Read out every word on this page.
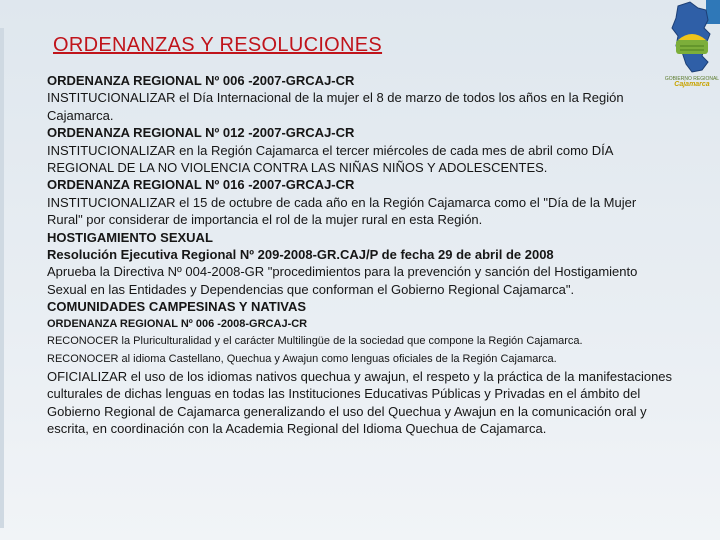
ORDENANZAS Y RESOLUCIONES
GOBIERNO REGIONAL
Cajamarca

ORDENANZA REGIONAL Nº 006 -2007-GRCAJ-CR

INSTITUCIONALIZAR el Día Internacional de la mujer el 8 de marzo de todos los años en la Región Cajamarca.

ORDENANZA REGIONAL Nº 012 -2007-GRCAJ-CR

INSTITUCIONALIZAR en la Región Cajamarca el tercer miércoles de cada mes de abril como DÍA REGIONAL DE LA NO VIOLENCIA CONTRA LAS NIÑAS NIÑOS Y ADOLESCENTES.

ORDENANZA REGIONAL Nº 016 -2007-GRCAJ-CR

INSTITUCIONALIZAR el 15 de octubre de cada año en la Región Cajamarca como el "Día de la Mujer Rural" por considerar de importancia el rol de la mujer rural en esta Región.

HOSTIGAMIENTO SEXUAL

Resolución Ejecutiva Regional Nº 209-2008-GR.CAJ/P de fecha 29 de abril de 2008

Aprueba la Directiva Nº 004-2008-GR "procedimientos para la prevención y sanción del Hostigamiento Sexual en las Entidades y Dependencias que conforman el Gobierno Regional Cajamarca".

COMUNIDADES CAMPESINAS Y NATIVAS

ORDENANZA REGIONAL Nº 006 -2008-GRCAJ-CR

RECONOCER la Pluriculturalidad y el carácter Multilingüe de la sociedad que compone la Región Cajamarca.

RECONOCER al idioma Castellano, Quechua y Awajun como lenguas oficiales de la Región Cajamarca.

OFICIALIZAR el uso de los idiomas nativos quechua y awajun, el respeto y la práctica de la manifestaciones culturales de dichas lenguas en todas las Instituciones Educativas Públicas y Privadas en el ámbito del Gobierno Regional de Cajamarca generalizando el uso del Quechua y Awajun en la comunicación oral y escrita, en coordinación con la Academia Regional del Idioma Quechua de Cajamarca.
